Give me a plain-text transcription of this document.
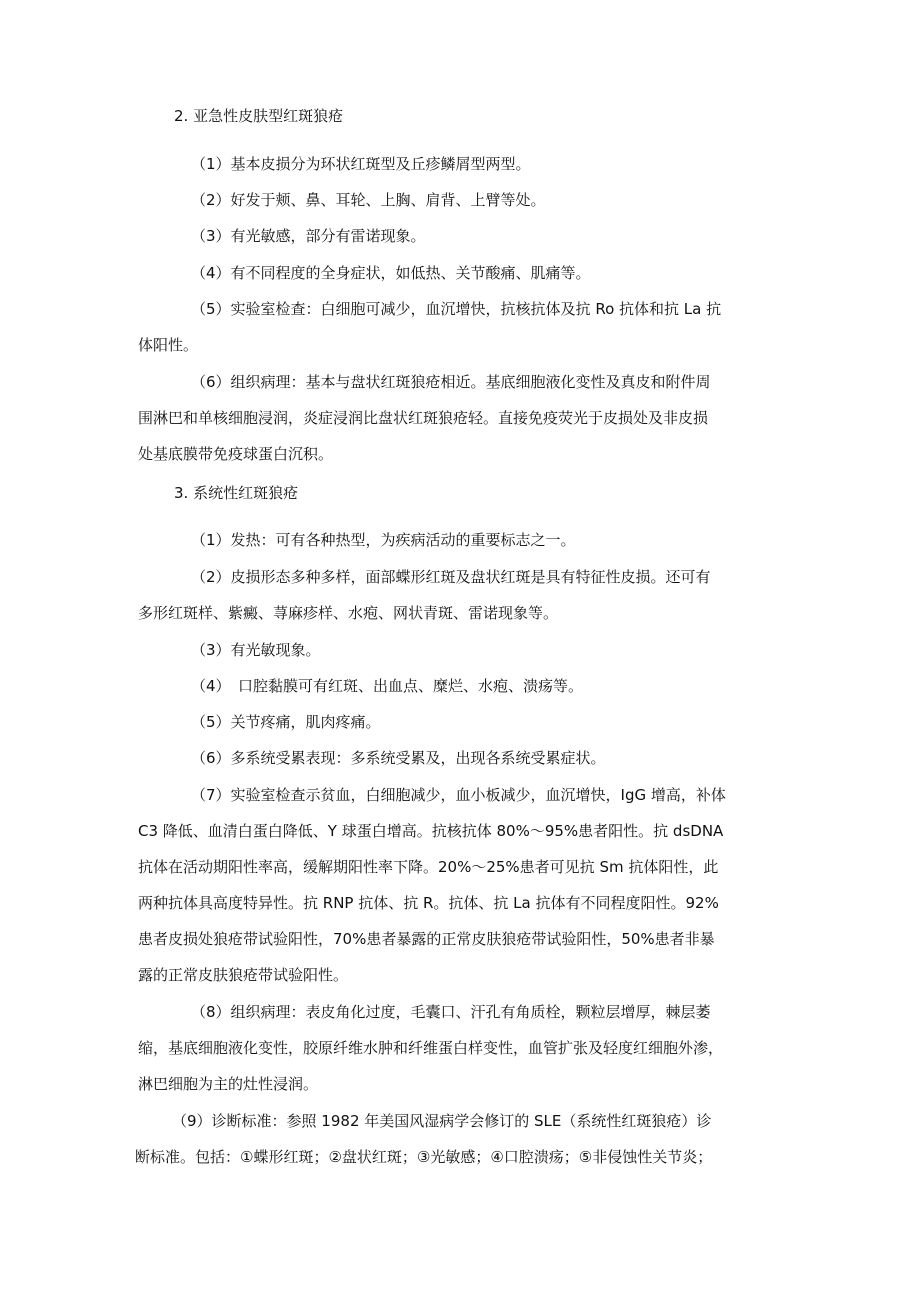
2. 亚急性皮肤型红斑狼疮
（1）基本皮损分为环状红斑型及丘疹鳞屑型两型。
（2）好发于颊、鼻、耳轮、上胸、肩背、上臂等处。
（3）有光敏感，部分有雷诺现象。
（4）有不同程度的全身症状，如低热、关节酸痛、肌痛等。
（5）实验室检查：白细胞可减少，血沉增快，抗核抗体及抗 Ro 抗体和抗 La 抗
体阳性。
（6）组织病理：基本与盘状红斑狼疮相近。基底细胞液化变性及真皮和附件周
围淋巴和单核细胞浸润，炎症浸润比盘状红斑狼疮轻。直接免疫荧光于皮损处及非皮损
处基底膜带免疫球蛋白沉积。
3. 系统性红斑狼疮
（1）发热：可有各种热型，为疾病活动的重要标志之一。
（2）皮损形态多种多样，面部蝶形红斑及盘状红斑是具有特征性皮损。还可有
多形红斑样、紫癜、荨麻疹样、水疱、网状青斑、雷诺现象等。
（3）有光敏现象。
（4）　口腔黏膜可有红斑、出血点、糜烂、水疱、溃疡等。
（5）关节疼痛，肌肉疼痛。
（6）多系统受累表现：多系统受累及，出现各系统受累症状。
（7）实验室检查示贫血，白细胞减少，血小板减少，血沉增快，IgG 增高，补体
C3 降低、血清白蛋白降低、Y 球蛋白增高。抗核抗体 80%～95%患者阳性。抗 dsDNA
抗体在活动期阳性率高，缓解期阳性率下降。20%～25%患者可见抗 Sm 抗体阳性，此
两种抗体具高度特异性。抗 RNP 抗体、抗 R。抗体、抗 La 抗体有不同程度阳性。92%
患者皮损处狼疮带试验阳性，70%患者暴露的正常皮肤狼疮带试验阳性，50%患者非暴
露的正常皮肤狼疮带试验阳性。
（8）组织病理：表皮角化过度，毛囊口、汗孔有角质栓，颗粒层增厚，棘层萎
缩，基底细胞液化变性，胶原纤维水肿和纤维蛋白样变性，血管扩张及轻度红细胞外渗，
淋巴细胞为主的灶性浸润。
（9）诊断标准：参照 1982 年美国风湿病学会修订的 SLE（系统性红斑狼疮）诊
断标准。包括：①蝶形红斑；②盘状红斑；③光敏感；④口腔溃疡；⑤非侵蚀性关节炎；
